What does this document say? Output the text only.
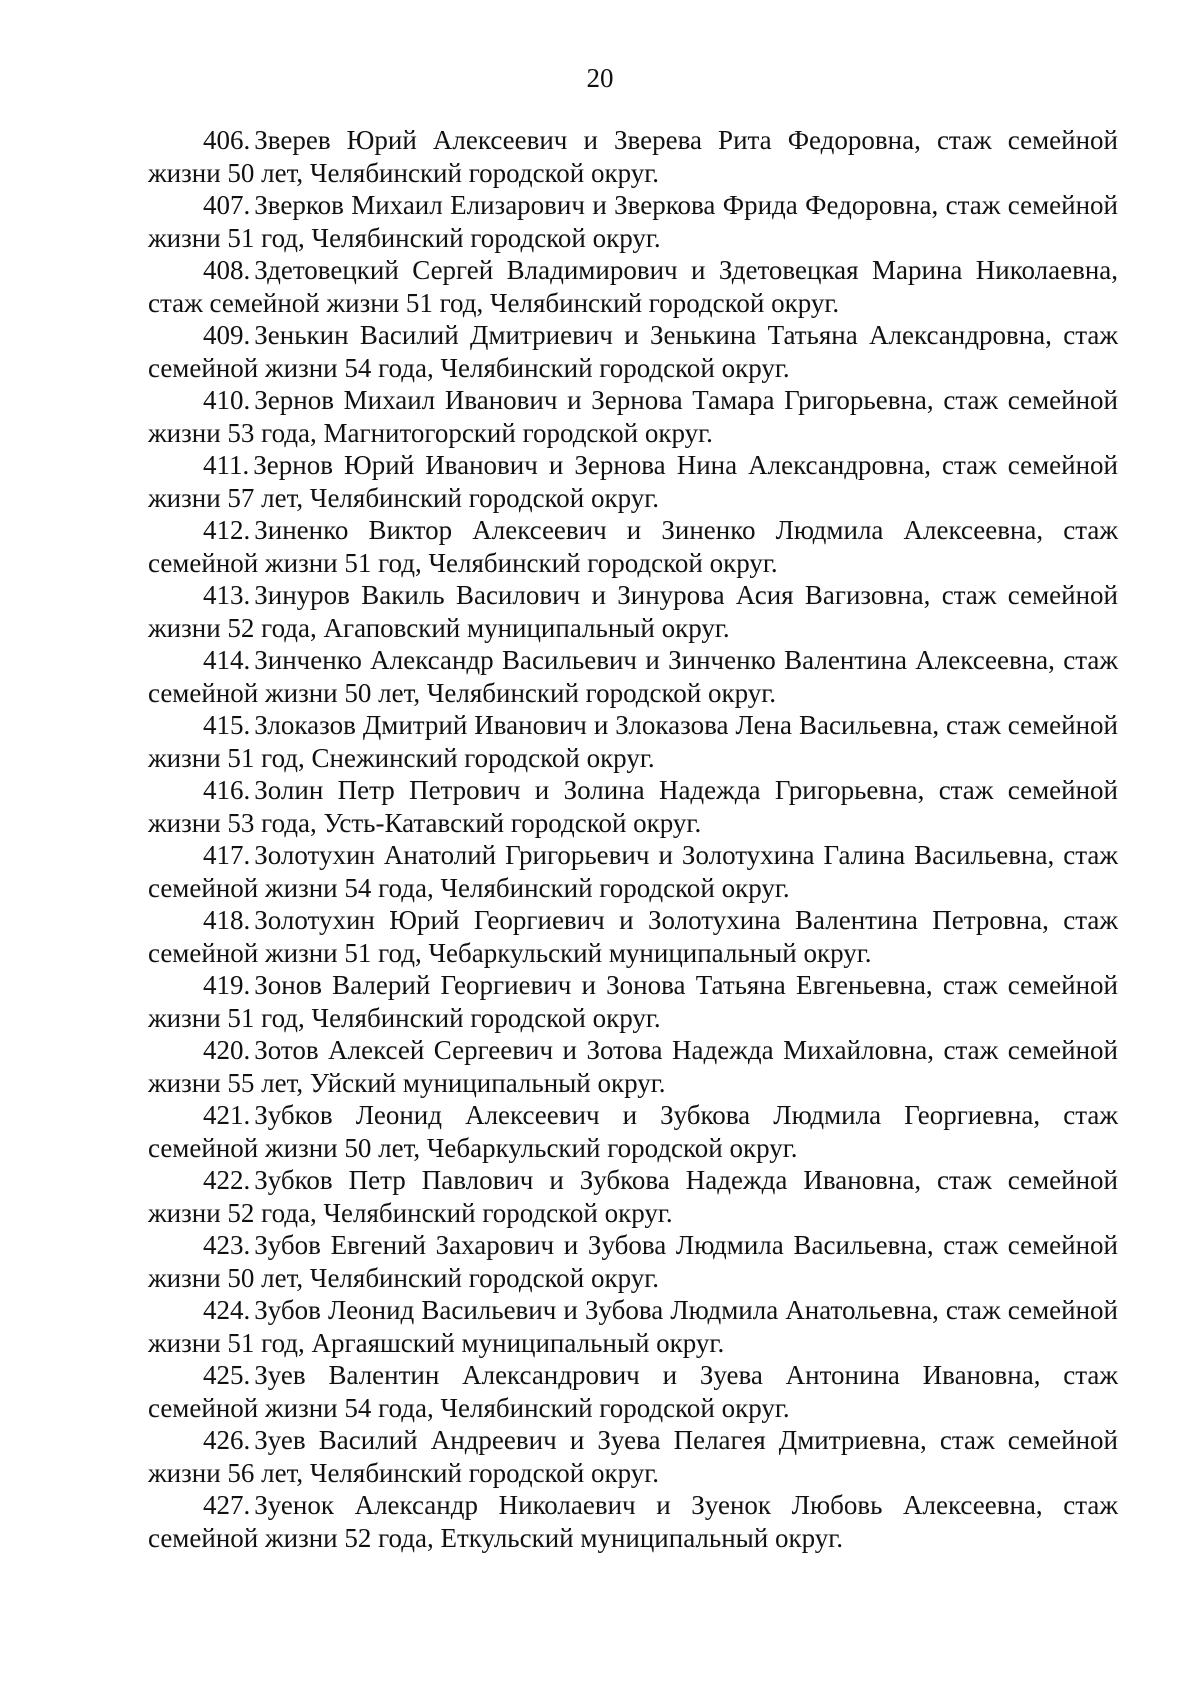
20

406. Зверев Юрий Алексеевич и Зверева Рита Федоровна, стаж семейной жизни 50 лет, Челябинский городской округ.

407. Зверков Михаил Елизарович и Зверкова Фрида Федоровна, стаж семейной жизни 51 год, Челябинский городской округ.

408. Здетовецкий Сергей Владимирович и Здетовецкая Марина Николаевна, стаж семейной жизни 51 год, Челябинский городской округ.

409. Зенькин Василий Дмитриевич и Зенькина Татьяна Александровна, стаж семейной жизни 54 года, Челябинский городской округ.

410. Зернов Михаил Иванович и Зернова Тамара Григорьевна, стаж семейной жизни 53 года, Магнитогорский городской округ.

411. Зернов Юрий Иванович и Зернова Нина Александровна, стаж семейной жизни 57 лет, Челябинский городской округ.

412. Зиненко Виктор Алексеевич и Зиненко Людмила Алексеевна, стаж семейной жизни 51 год, Челябинский городской округ.

413. Зинуров Вакиль Василович и Зинурова Асия Вагизовна, стаж семейной жизни 52 года, Агаповский муниципальный округ.

414. Зинченко Александр Васильевич и Зинченко Валентина Алексеевна, стаж семейной жизни 50 лет, Челябинский городской округ.

415. Злоказов Дмитрий Иванович и Злоказова Лена Васильевна, стаж семейной жизни 51 год, Снежинский городской округ.

416. Золин Петр Петрович и Золина Надежда Григорьевна, стаж семейной жизни 53 года, Усть-Катавский городской округ.

417. Золотухин Анатолий Григорьевич и Золотухина Галина Васильевна, стаж семейной жизни 54 года, Челябинский городской округ.

418. Золотухин Юрий Георгиевич и Золотухина Валентина Петровна, стаж семейной жизни 51 год, Чебаркульский муниципальный округ.

419. Зонов Валерий Георгиевич и Зонова Татьяна Евгеньевна, стаж семейной жизни 51 год, Челябинский городской округ.

420. Зотов Алексей Сергеевич и Зотова Надежда Михайловна, стаж семейной жизни 55 лет, Уйский муниципальный округ.

421. Зубков Леонид Алексеевич и Зубкова Людмила Георгиевна, стаж семейной жизни 50 лет, Чебаркульский городской округ.

422. Зубков Петр Павлович и Зубкова Надежда Ивановна, стаж семейной жизни 52 года, Челябинский городской округ.

423. Зубов Евгений Захарович и Зубова Людмила Васильевна, стаж семейной жизни 50 лет, Челябинский городской округ.

424. Зубов Леонид Васильевич и Зубова Людмила Анатольевна, стаж семейной жизни 51 год, Аргаяшский муниципальный округ.

425. Зуев Валентин Александрович и Зуева Антонина Ивановна, стаж семейной жизни 54 года, Челябинский городской округ.

426. Зуев Василий Андреевич и Зуева Пелагея Дмитриевна, стаж семейной жизни 56 лет, Челябинский городской округ.

427. Зуенок Александр Николаевич и Зуенок Любовь Алексеевна, стаж семейной жизни 52 года, Еткульский муниципальный округ.
